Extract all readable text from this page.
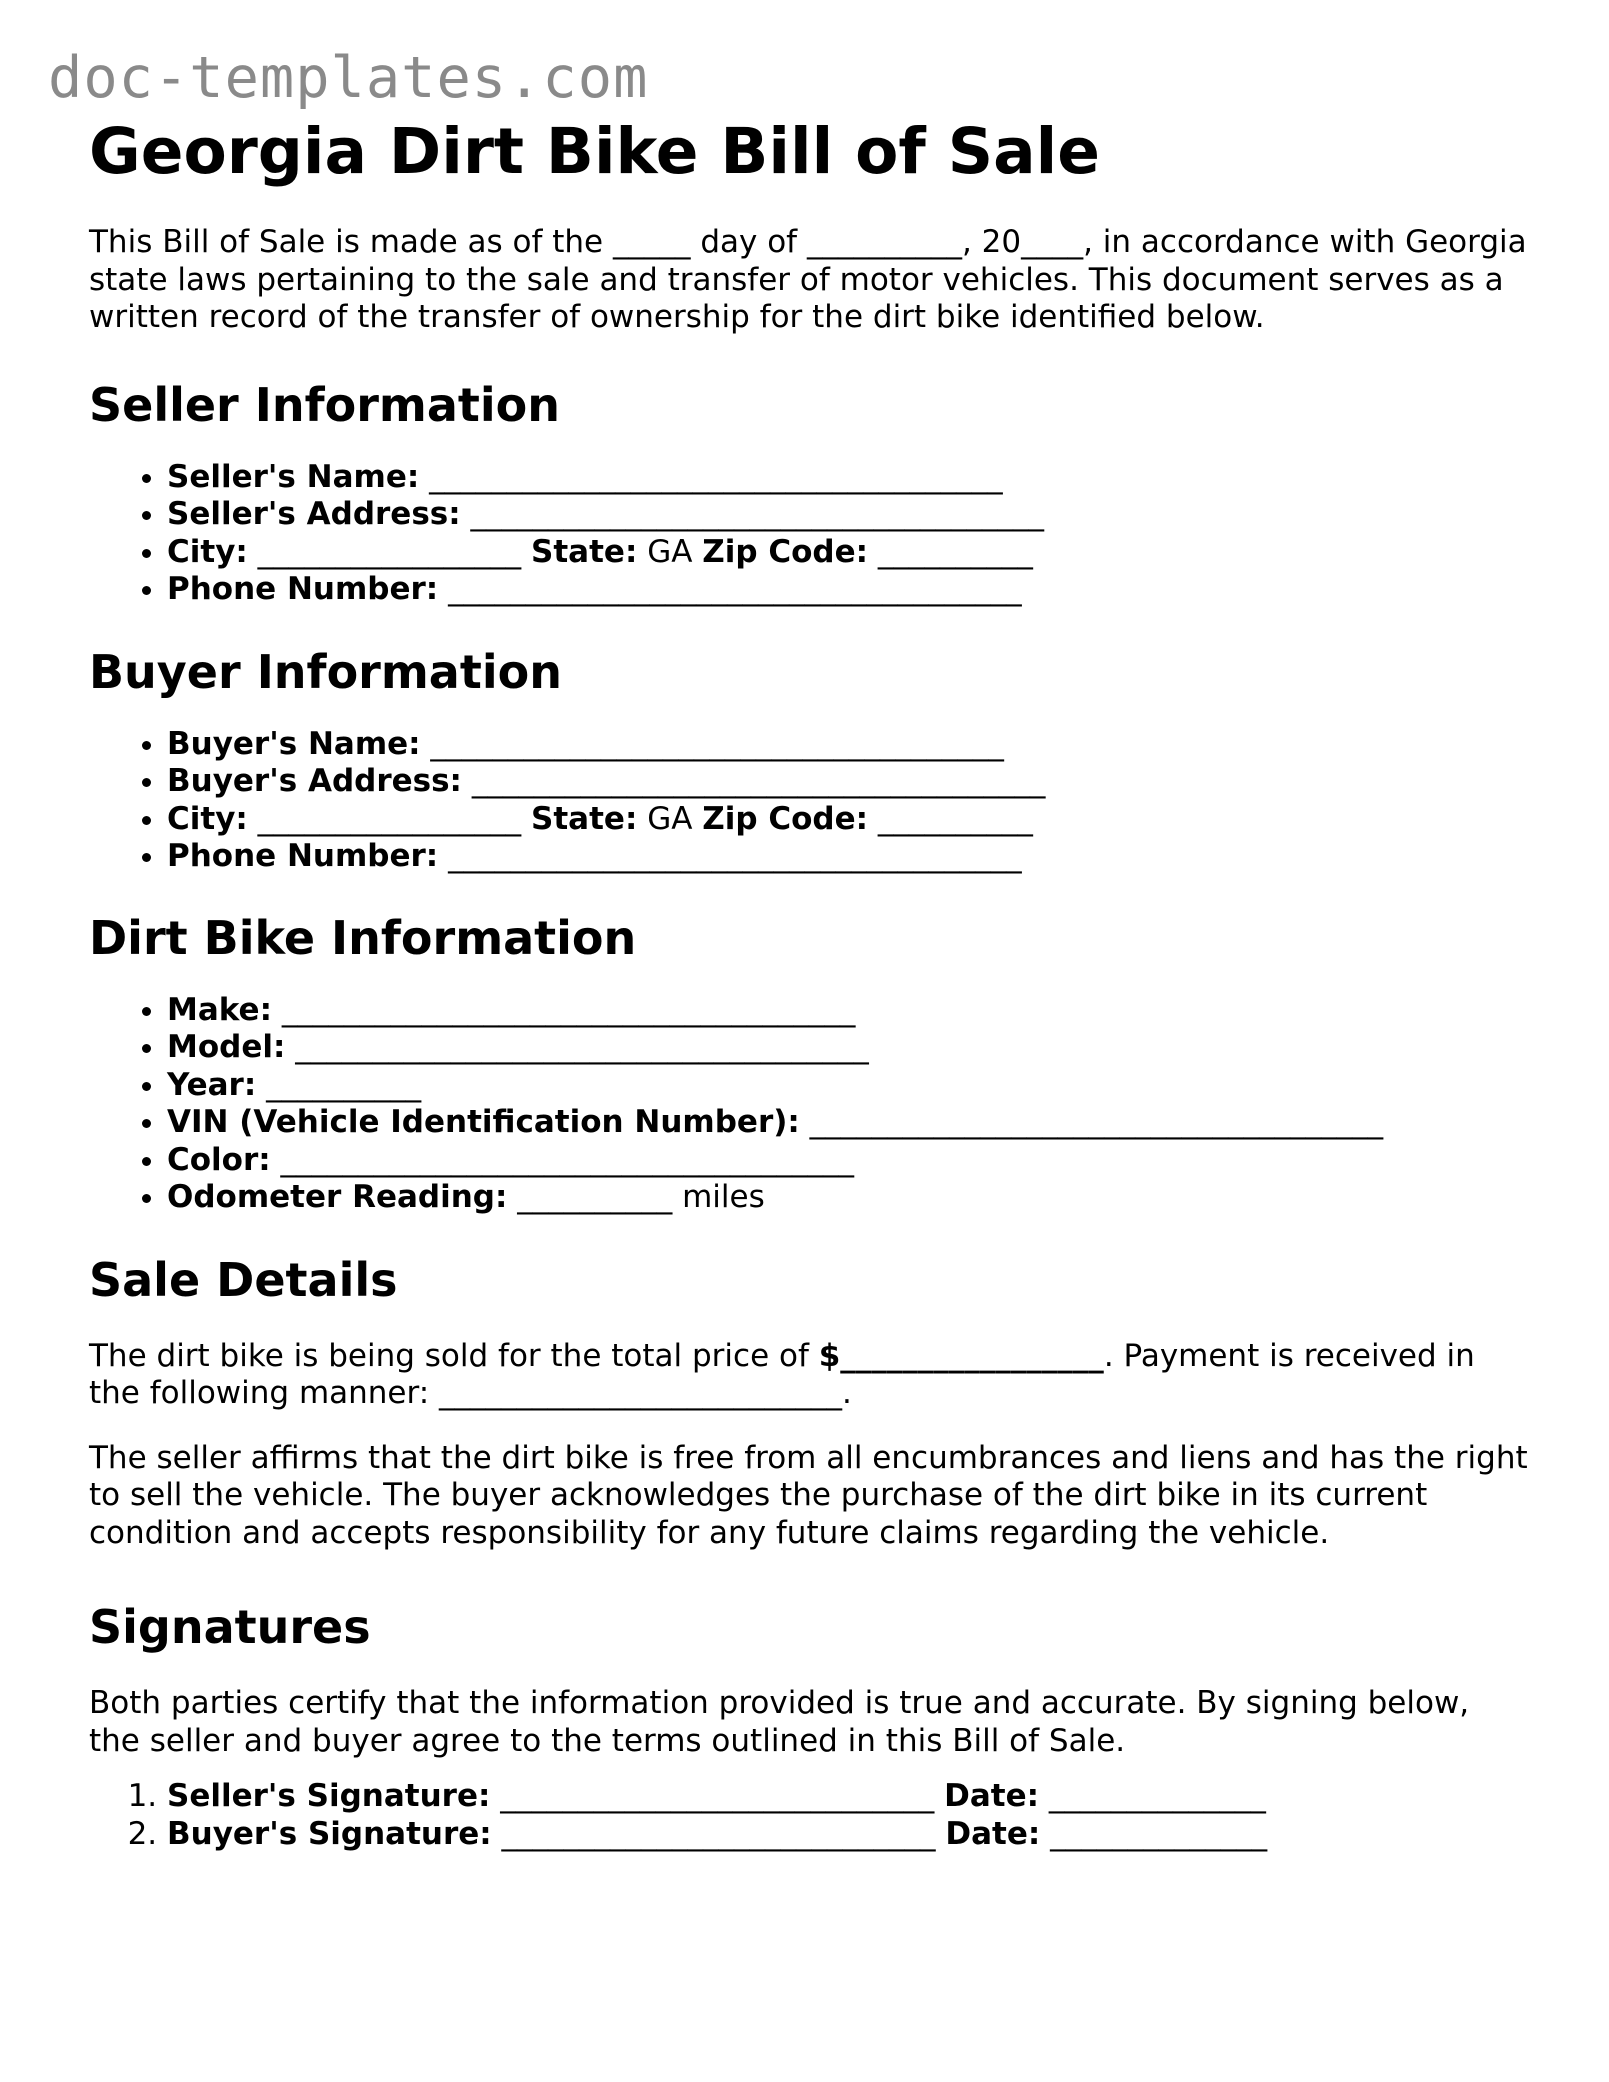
doc-templates.com
Georgia Dirt Bike Bill of Sale

This Bill of Sale is made as of the _____ day of __________, 20____, in accordance with Georgia state laws pertaining to the sale and transfer of motor vehicles. This document serves as a written record of the transfer of ownership for the dirt bike identified below.

Seller Information
• Seller's Name: _____________________________________
• Seller's Address: _____________________________________
• City: _________________ State: GA Zip Code: __________
• Phone Number: _____________________________________
Buyer Information
• Buyer's Name: _____________________________________
• Buyer's Address: _____________________________________
• City: _________________ State: GA Zip Code: __________
• Phone Number: _____________________________________
Dirt Bike Information
• Make: _____________________________________
• Model: _____________________________________
• Year: __________
• VIN (Vehicle Identification Number): _____________________________________
• Color: _____________________________________
• Odometer Reading: __________ miles
Sale Details

The dirt bike is being sold for the total price of $_________________. Payment is received in the following manner: __________________________.

The seller affirms that the dirt bike is free from all encumbrances and liens and has the right to sell the vehicle. The buyer acknowledges the purchase of the dirt bike in its current condition and accepts responsibility for any future claims regarding the vehicle.

Signatures

Both parties certify that the information provided is true and accurate. By signing below, the seller and buyer agree to the terms outlined in this Bill of Sale.

1. Seller's Signature: ____________________________ Date: ______________
2. Buyer's Signature: ____________________________ Date: ______________
